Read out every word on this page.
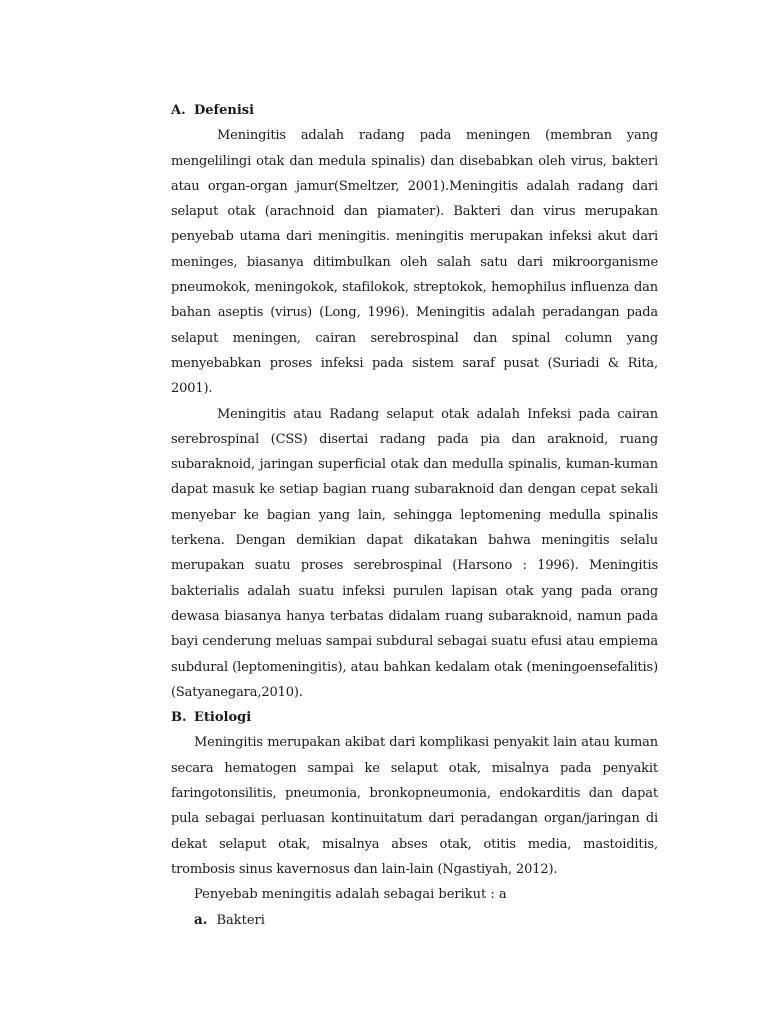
A. Defenisi

Meningitis adalah radang pada meningen (membran yang mengelilingi otak dan medula spinalis) dan disebabkan oleh virus, bakteri atau organ-organ jamur(Smeltzer, 2001).Meningitis adalah radang dari selaput otak (arachnoid dan piamater). Bakteri dan virus merupakan penyebab utama dari meningitis. meningitis merupakan infeksi akut dari meninges, biasanya ditimbulkan oleh salah satu dari mikroorganisme pneumokok, meningokok, stafilokok, streptokok, hemophilus influenza dan bahan aseptis (virus) (Long, 1996). Meningitis adalah peradangan pada selaput meningen, cairan serebrospinal dan spinal column yang menyebabkan proses infeksi pada sistem saraf pusat (Suriadi & Rita, 2001).

Meningitis atau Radang selaput otak adalah Infeksi pada cairan serebrospinal (CSS) disertai radang pada pia dan araknoid, ruang subaraknoid, jaringan superficial otak dan medulla spinalis, kuman-kuman dapat masuk ke setiap bagian ruang subaraknoid dan dengan cepat sekali menyebar ke bagian yang lain, sehingga leptomening medulla spinalis terkena. Dengan demikian dapat dikatakan bahwa meningitis selalu merupakan suatu proses serebrospinal (Harsono : 1996). Meningitis bakterialis adalah suatu infeksi purulen lapisan otak yang pada orang dewasa biasanya hanya terbatas didalam ruang subaraknoid, namun pada bayi cenderung meluas sampai subdural sebagai suatu efusi atau empiema subdural (leptomeningitis), atau bahkan kedalam otak (meningoensefalitis) (Satyanegara,2010).

B. Etiologi

Meningitis merupakan akibat dari komplikasi penyakit lain atau kuman secara hematogen sampai ke selaput otak, misalnya pada penyakit faringotonsilitis, pneumonia, bronkopneumonia, endokarditis dan dapat pula sebagai perluasan kontinuitatum dari peradangan organ/jaringan di dekat selaput otak, misalnya abses otak, otitis media, mastoiditis, trombosis sinus kavernosus dan lain-lain (Ngastiyah, 2012).

Penyebab meningitis adalah sebagai berikut : a

a. Bakteri
